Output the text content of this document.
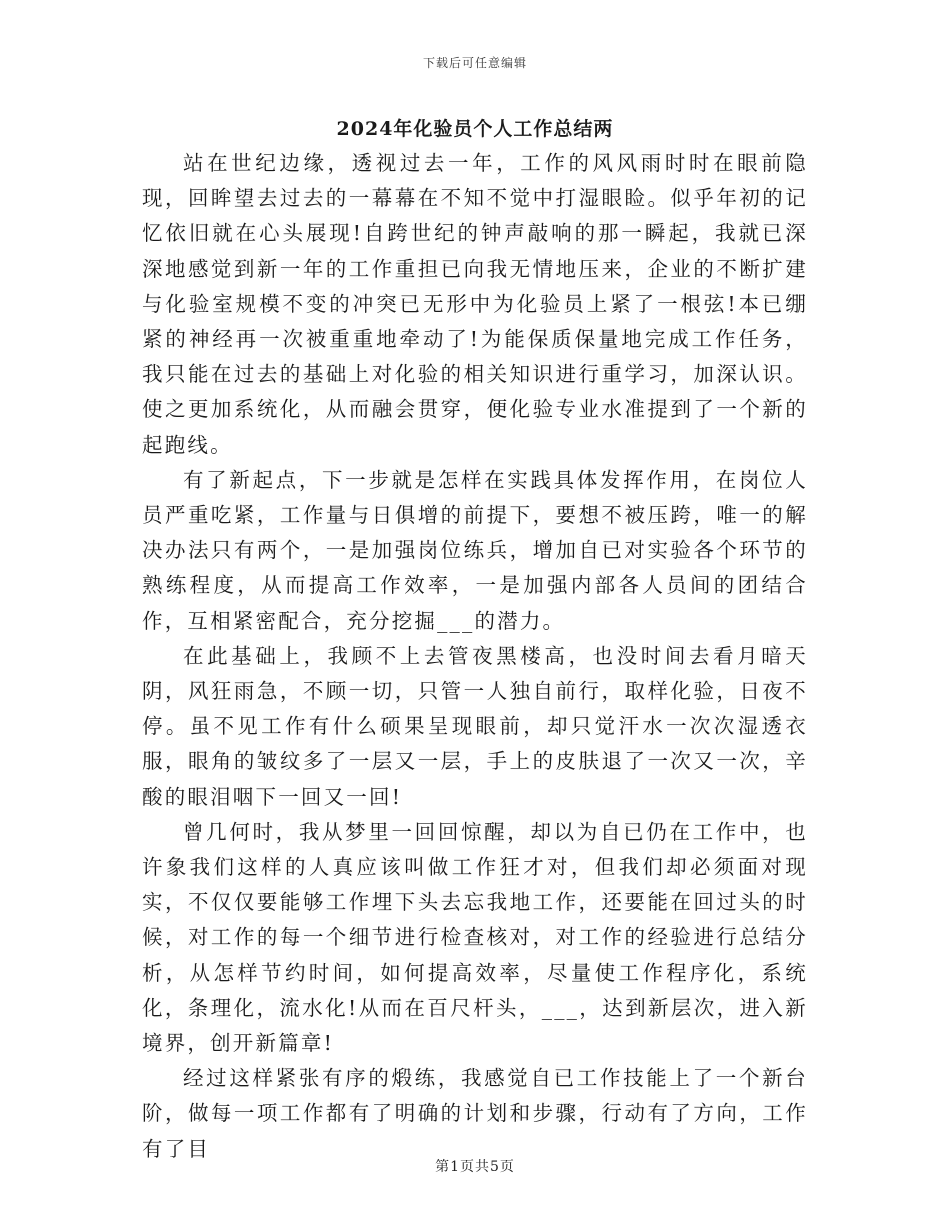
下载后可任意编辑
2024年化验员个人工作总结两

站在世纪边缘，透视过去一年，工作的风风雨时时在眼前隐现，回眸望去过去的一幕幕在不知不觉中打湿眼睑。似乎年初的记忆依旧就在心头展现!自跨世纪的钟声敲响的那一瞬起，我就已深深地感觉到新一年的工作重担已向我无情地压来，企业的不断扩建与化验室规模不变的冲突已无形中为化验员上紧了一根弦!本已绷紧的神经再一次被重重地牵动了!为能保质保量地完成工作任务，我只能在过去的基础上对化验的相关知识进行重学习，加深认识。使之更加系统化，从而融会贯穿，便化验专业水准提到了一个新的起跑线。

有了新起点，下一步就是怎样在实践具体发挥作用，在岗位人员严重吃紧，工作量与日俱增的前提下，要想不被压跨，唯一的解决办法只有两个，一是加强岗位练兵，增加自已对实验各个环节的熟练程度，从而提高工作效率，一是加强内部各人员间的团结合作，互相紧密配合，充分挖掘___的潜力。

在此基础上，我顾不上去管夜黑楼高，也没时间去看月暗天阴，风狂雨急，不顾一切，只管一人独自前行，取样化验，日夜不停。虽不见工作有什么硕果呈现眼前，却只觉汗水一次次湿透衣服，眼角的皱纹多了一层又一层，手上的皮肤退了一次又一次，辛酸的眼泪咽下一回又一回!

曾几何时，我从梦里一回回惊醒，却以为自已仍在工作中，也许象我们这样的人真应该叫做工作狂才对，但我们却必须面对现实，不仅仅要能够工作埋下头去忘我地工作，还要能在回过头的时候，对工作的每一个细节进行检查核对，对工作的经验进行总结分析，从怎样节约时间，如何提高效率，尽量使工作程序化，系统化，条理化，流水化!从而在百尺杆头，___，达到新层次，进入新境界，创开新篇章!

经过这样紧张有序的煅练，我感觉自已工作技能上了一个新台阶，做每一项工作都有了明确的计划和步骤，行动有了方向，工作有了目

第1页共5页
